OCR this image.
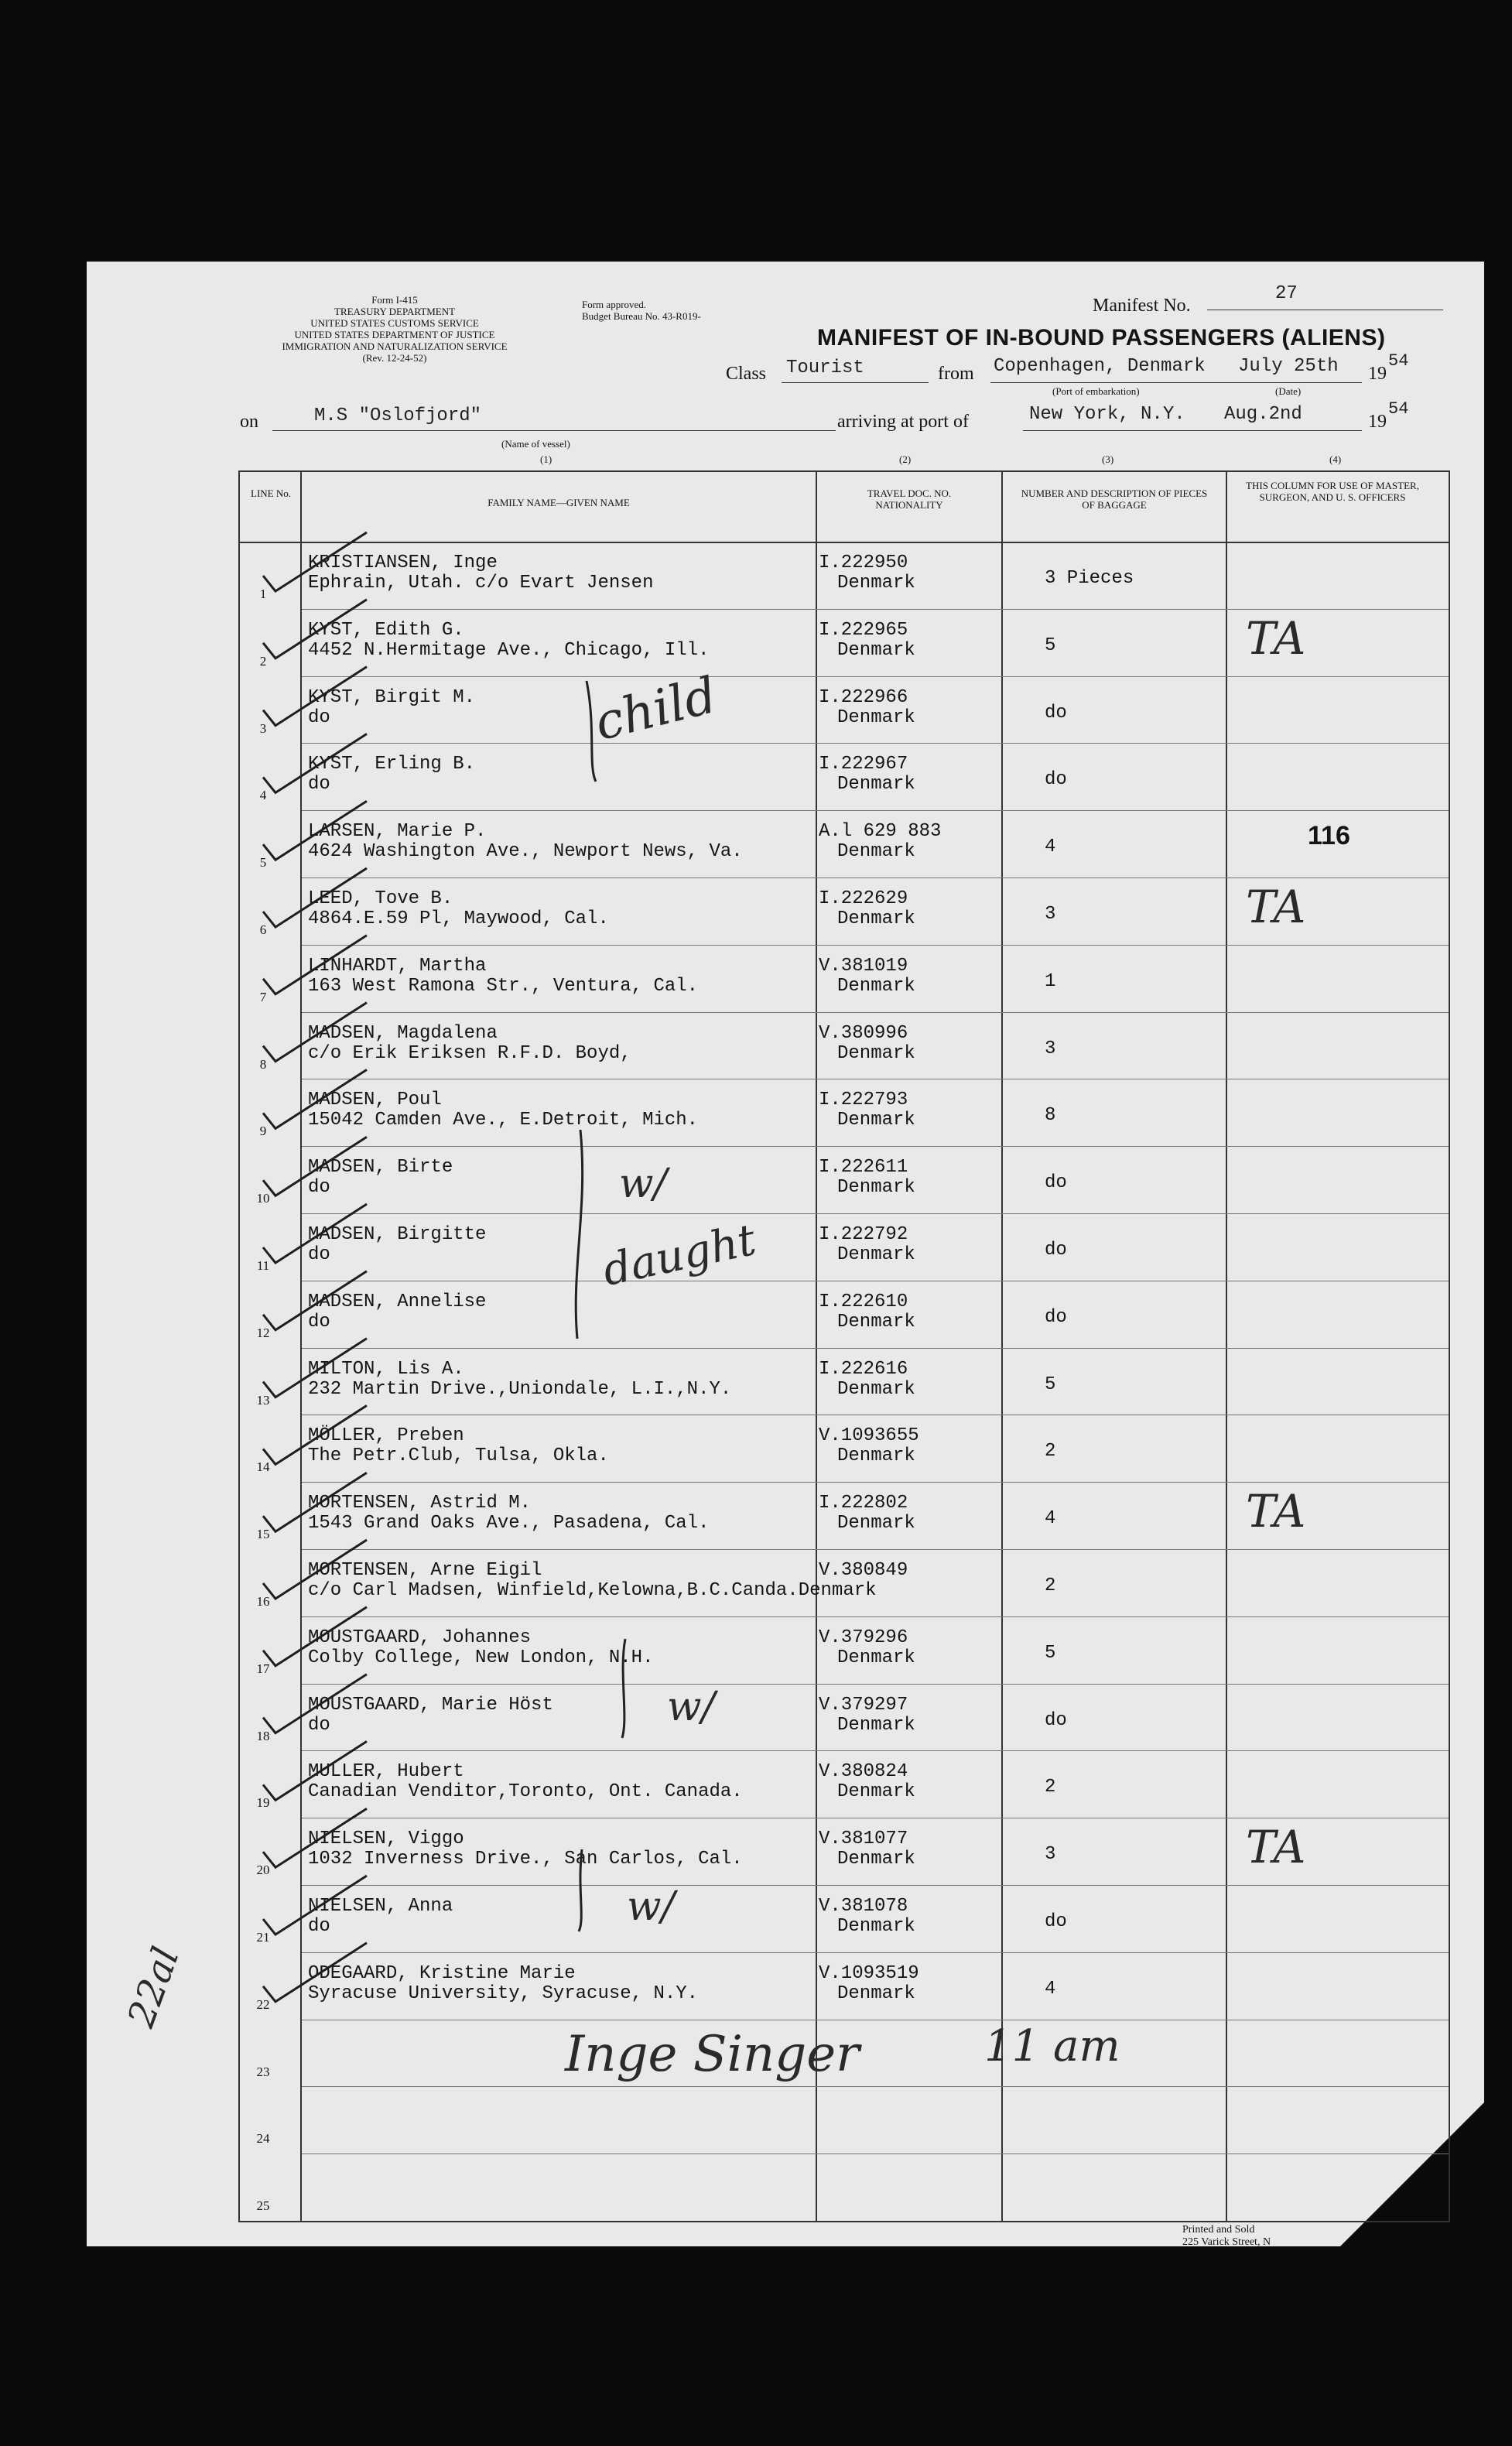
Form I-415
TREASURY DEPARTMENT
UNITED STATES CUSTOMS SERVICE
UNITED STATES DEPARTMENT OF JUSTICE
IMMIGRATION AND NATURALIZATION SERVICE
(Rev. 12-24-52)
Form approved.
Budget Bureau No. 43-R019-
Manifest No.
27
MANIFEST OF IN-BOUND PASSENGERS (ALIENS)
Class Tourist	from Copenhagen, Denmark July 25th 19
54
(Port of embarkation)	(Date)
on	M.S "Oslofjord"
(Name of vessel)
arriving at port of	New York, N.Y. Aug.2nd	19
54
(1)	(2)	(3)	(4)
LINE No.
FAMILY NAME—GIVEN NAME
TRAVEL DOC. NO. NATIONALITY
NUMBER AND DESCRIPTION OF PIECES OF BAGGAGE
THIS COLUMN FOR USE OF MASTER, SURGEON, AND U. S. OFFICERS
1
KRISTIANSEN, Inge
Ephrain, Utah. c/o Evart Jensen
I.222950
Denmark	3 Pieces
2
KYST, Edith G.
4452 N.Hermitage Ave., Chicago, Ill.
I.222965
Denmark	5	TA
3
KYST, Birgit M.
do
I.222966
Denmark	do
4
KYST, Erling B.
do
I.222967
Denmark	do
5
LARSEN, Marie P.
4624 Washington Ave., Newport News, Va.
A.l 629 883
Denmark	4	116
6
LEED, Tove B.
4864.E.59 Pl, Maywood, Cal.
I.222629
Denmark	3	TA
7
LINHARDT, Martha
163 West Ramona Str., Ventura, Cal.
V.381019
Denmark	1
8
MADSEN, Magdalena
c/o Erik Eriksen R.F.D. Boyd,
V.380996
Denmark	3
9
MADSEN, Poul
15042 Camden Ave., E.Detroit, Mich.
I.222793
Denmark	8
10
MADSEN, Birte
do
I.222611
Denmark	do
11
MADSEN, Birgitte
do
I.222792
Denmark	do
12
MADSEN, Annelise
do
I.222610
Denmark	do
13
MILTON, Lis A.
232 Martin Drive.,Uniondale, L.I.,N.Y.
I.222616
Denmark	5
14
MÖLLER, Preben
The Petr.Club, Tulsa, Okla.
V.1093655
Denmark	2
15
MORTENSEN, Astrid M.
1543 Grand Oaks Ave., Pasadena, Cal.
I.222802
Denmark	4	TA
16
MORTENSEN, Arne Eigil
c/o Carl Madsen, Winfield,Kelowna,B.C.Canda.Denmark
V.380849
2
17
MOUSTGAARD, Johannes
Colby College, New London, N.H.
V.379296
Denmark	5
18
MOUSTGAARD, Marie Höst
do
V.379297
Denmark	do
19
MULLER, Hubert
Canadian Venditor,Toronto, Ont. Canada.
V.380824
Denmark	2
20
NIELSEN, Viggo
1032 Inverness Drive., San Carlos, Cal.
V.381077
Denmark	3	TA
21
NIELSEN, Anna
do
V.381078
Denmark	do
22
ODEGAARD, Kristine Marie
Syracuse University, Syracuse, N.Y.
V.1093519
Denmark	4
23
24
25
child
w/
daught
w/
w/
22al
Inge Singer	11 am
Printed and Sold
225 Varick Street, N
